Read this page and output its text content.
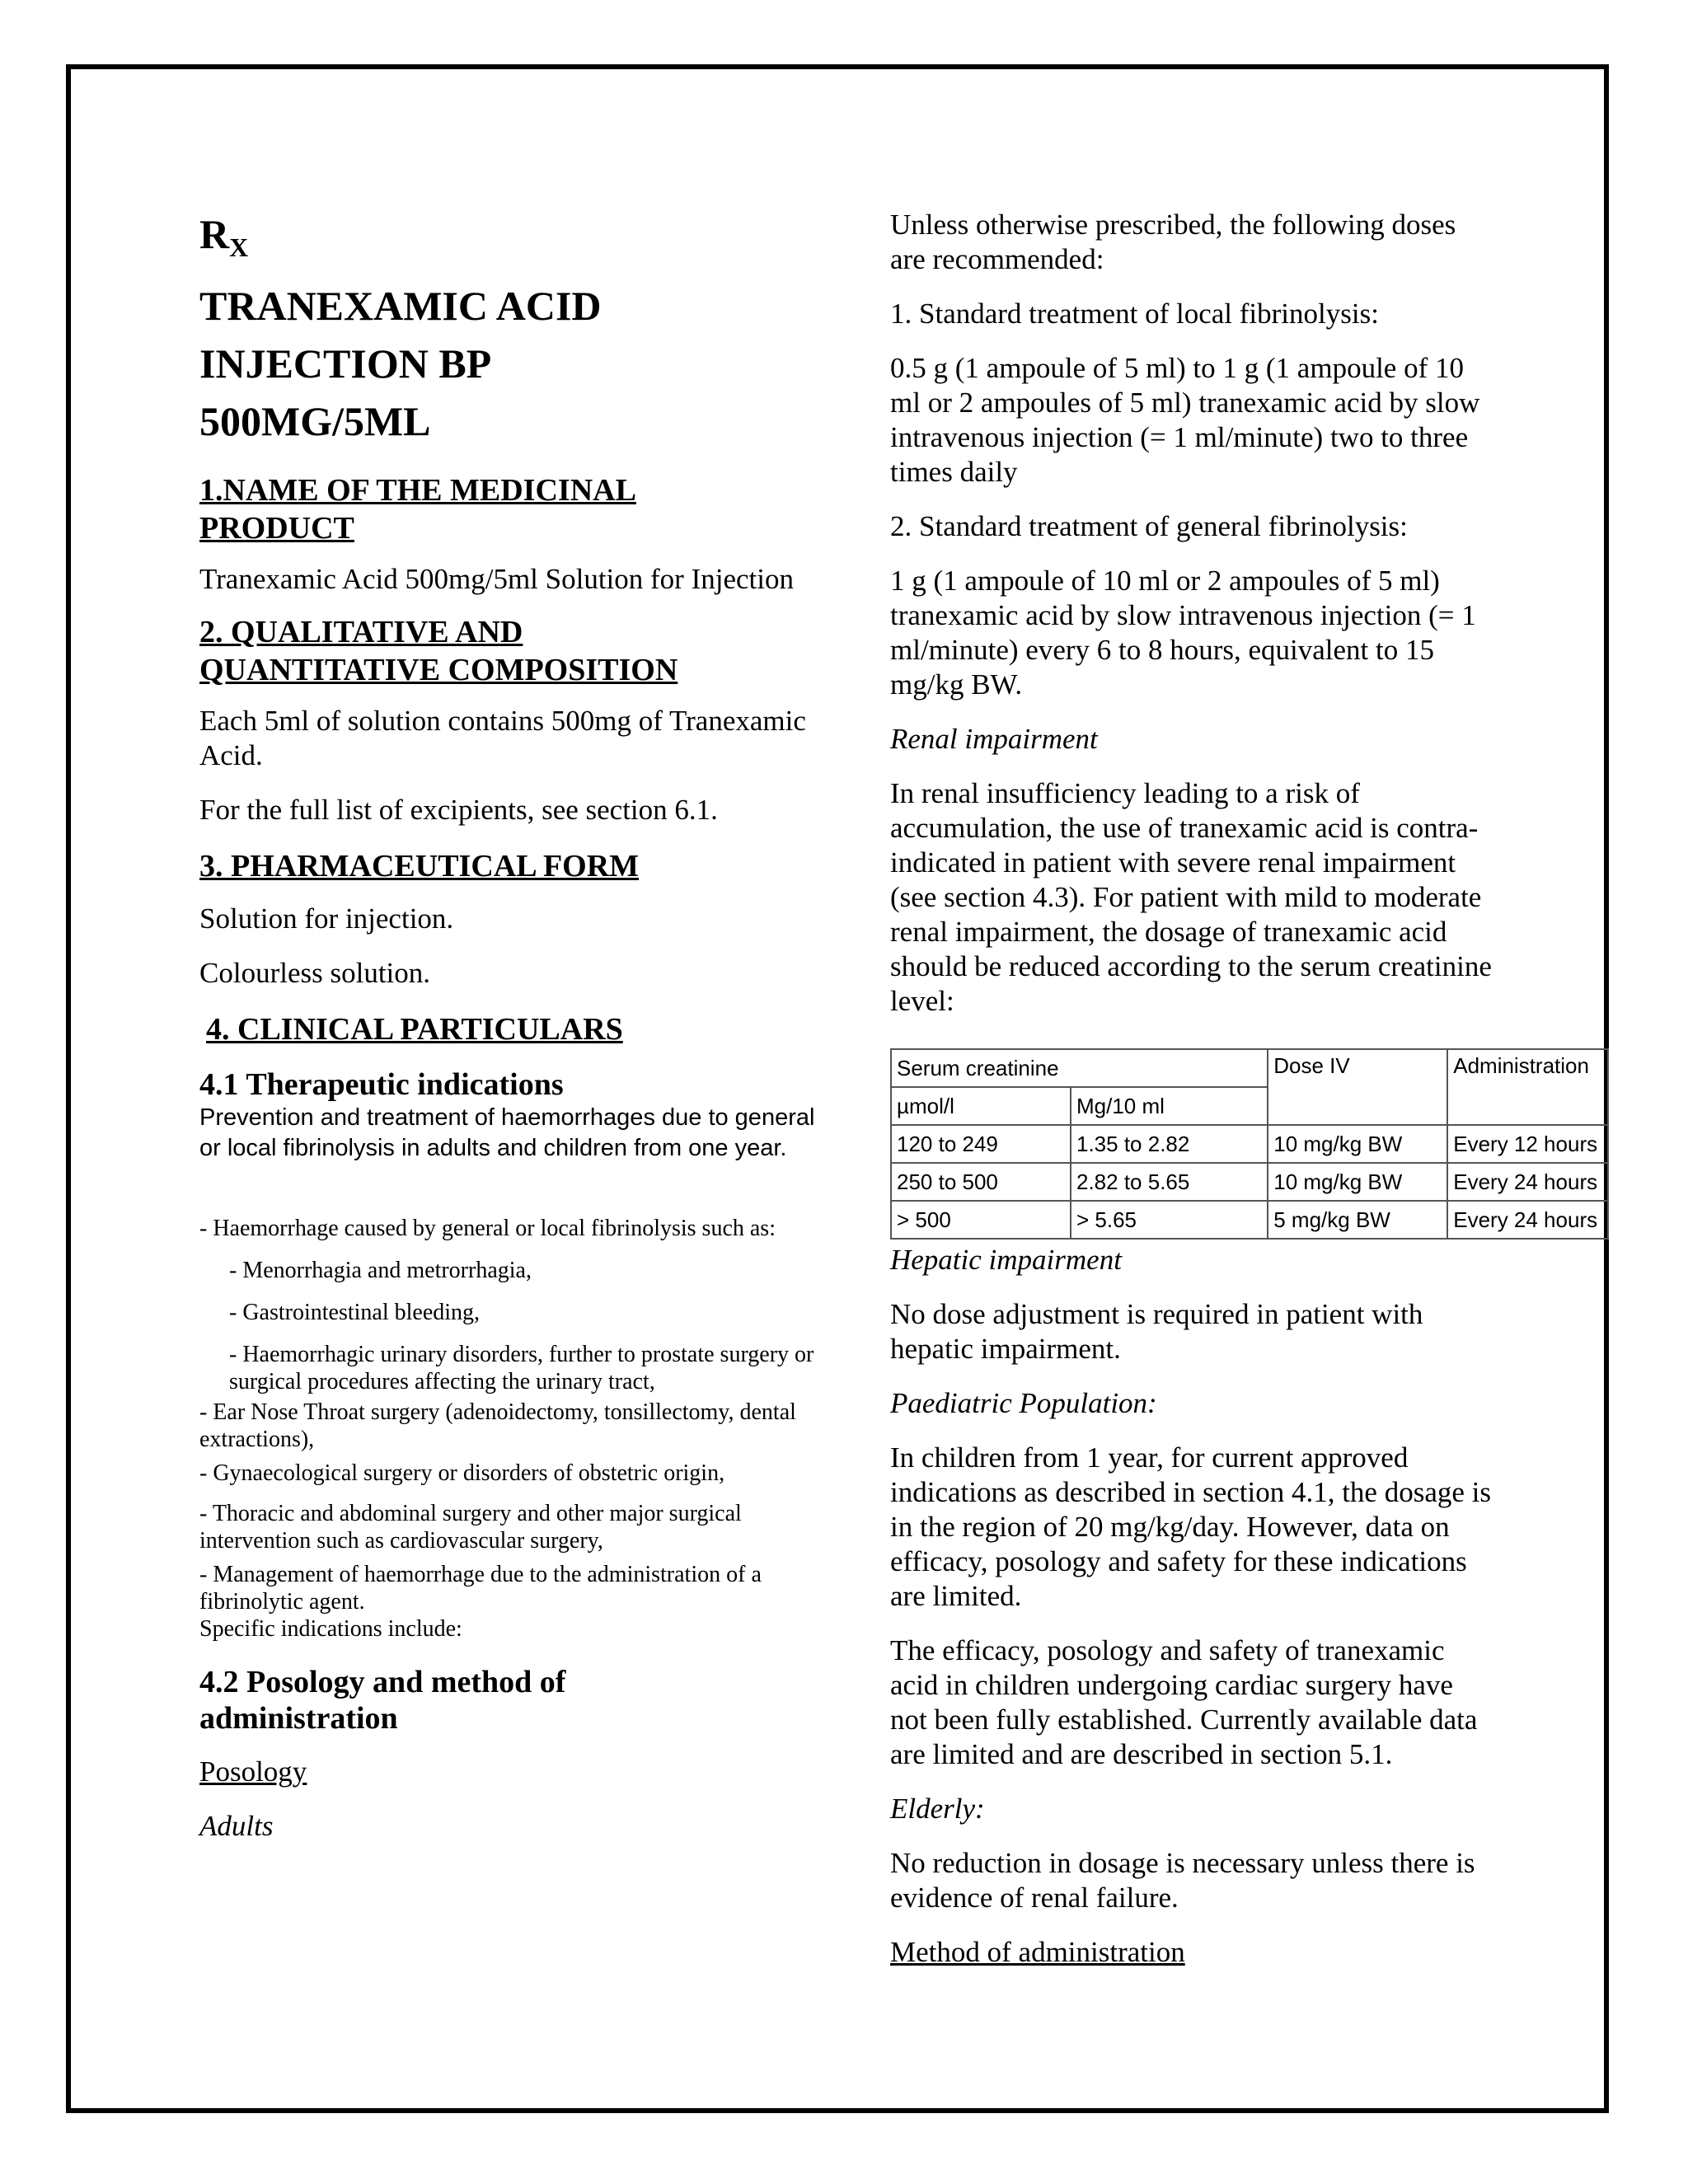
$R_X$

TRANEXAMIC ACID
INJECTION BP
500MG/5ML
1.NAME OF THE MEDICINAL
PRODUCT

Tranexamic Acid 500mg/5ml Solution for Injection

2. QUALITATIVE AND
QUANTITATIVE COMPOSITION

Each 5ml of solution contains 500mg of Tranexamic Acid.

For the full list of excipients, see section 6.1.

3. PHARMACEUTICAL FORM

Solution for injection.

Colourless solution.

4. CLINICAL PARTICULARS

4.1 Therapeutic indications

Prevention and treatment of haemorrhages due to general or local fibrinolysis in adults and children from one year.

- Haemorrhage caused by general or local fibrinolysis such as:

- Menorrhagia and metrorrhagia,

- Gastrointestinal bleeding,

- Haemorrhagic urinary disorders, further to prostate surgery or surgical procedures affecting the urinary tract,

- Ear Nose Throat surgery (adenoidectomy, tonsillectomy, dental extractions),

- Gynaecological surgery or disorders of obstetric origin,

- Thoracic and abdominal surgery and other major surgical intervention such as cardiovascular surgery,

- Management of haemorrhage due to the administration of a fibrinolytic agent.

Specific indications include:

4.2 Posology and method of
administration

Posology

Adults

Unless otherwise prescribed, the following doses are recommended:

1. Standard treatment of local fibrinolysis:

0.5 g (1 ampoule of 5 ml) to 1 g (1 ampoule of 10 ml or 2 ampoules of 5 ml) tranexamic acid by slow intravenous injection (= 1 ml/minute) two to three times daily

2. Standard treatment of general fibrinolysis:

1 g (1 ampoule of 10 ml or 2 ampoules of 5 ml) tranexamic acid by slow intravenous injection (= 1 ml/minute) every 6 to 8 hours, equivalent to 15 mg/kg BW.

Renal impairment

In renal insufficiency leading to a risk of accumulation, the use of tranexamic acid is contra-indicated in patient with severe renal impairment (see section 4.3). For patient with mild to moderate renal impairment, the dosage of tranexamic acid should be reduced according to the serum creatinine level:

Serum creatinine		Dose IV	Administration
µmol/l	Mg/10 ml		
120 to 249	1.35 to 2.82	10 mg/kg BW	Every 12 hours
250 to 500	2.82 to 5.65	10 mg/kg BW	Every 24 hours
> 500	> 5.65	5 mg/kg BW	Every 24 hours

Hepatic impairment

No dose adjustment is required in patient with hepatic impairment.

Paediatric Population:

In children from 1 year, for current approved indications as described in section 4.1, the dosage is in the region of 20 mg/kg/day. However, data on efficacy, posology and safety for these indications are limited.

The efficacy, posology and safety of tranexamic acid in children undergoing cardiac surgery have not been fully established. Currently available data are limited and are described in section 5.1.

Elderly:

No reduction in dosage is necessary unless there is evidence of renal failure.

Method of administration
